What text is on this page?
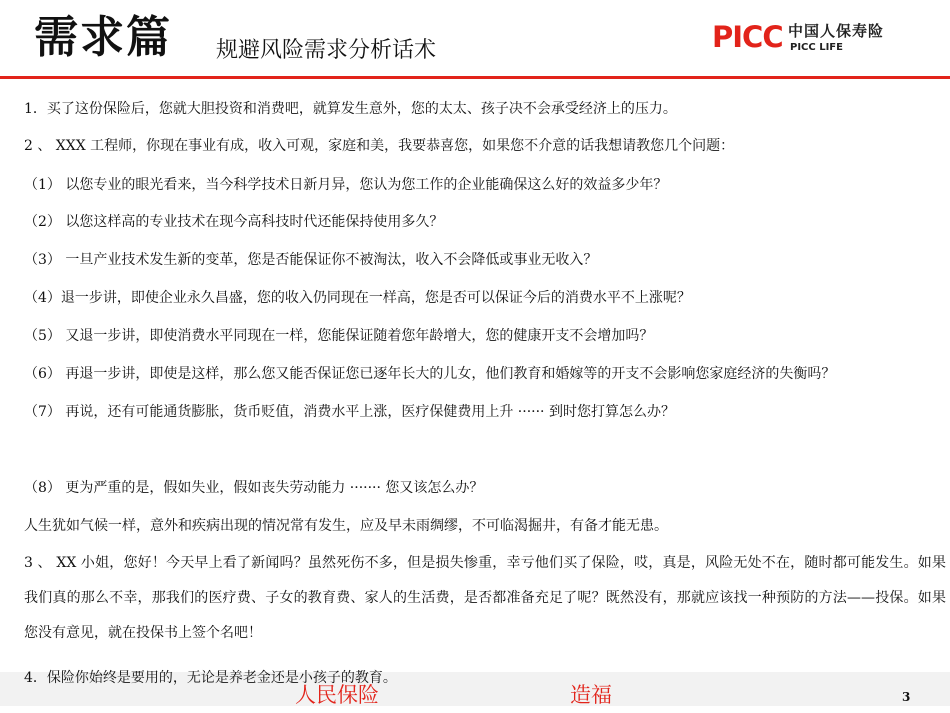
需求篇 规避风险需求分析话术	PICC 中国人保寿险
PICC LIFE
1．买了这份保险后，您就大胆投资和消费吧，就算发生意外，您的太太、孩子决不会承受经济上的压力。
2 、 XXX 工程师，你现在事业有成，收入可观，家庭和美，我要恭喜您，如果您不介意的话我想请教您几个问题：
（1） 以您专业的眼光看来，当今科学技术日新月异，您认为您工作的企业能确保这么好的效益多少年？
（2） 以您这样高的专业技术在现今高科技时代还能保持使用多久？
（3） 一旦产业技术发生新的变革，您是否能保证你不被淘汰，收入不会降低或事业无收入？
（4）退一步讲，即使企业永久昌盛，您的收入仍同现在一样高，您是否可以保证今后的消费水平不上涨呢？
（5） 又退一步讲，即使消费水平同现在一样，您能保证随着您年龄增大，您的健康开支不会增加吗？
（6） 再退一步讲，即使是这样，那么您又能否保证您已逐年长大的儿女，他们教育和婚嫁等的开支不会影响您家庭经济的失衡吗？
（7） 再说，还有可能通货膨胀，货币贬值，消费水平上涨，医疗保健费用上升 ······ 到时您打算怎么办？
（8） 更为严重的是，假如失业，假如丧失劳动能力 ······· 您又该怎么办？
人生犹如气候一样，意外和疾病出现的情况常有发生，应及早未雨绸缪，不可临渴掘井，有备才能无患。
3 、 XX 小姐，您好！今天早上看了新闻吗？虽然死伤不多，但是损失惨重，幸亏他们买了保险，哎，真是，风险无处不在，随时都可能发生。如果我们真的那么不幸，那我们的医疗费、子女的教育费、家人的生活费，是否都准备充足了呢？既然没有，那就应该找一种预防的方法——投保。如果您没有意见，就在投保书上签个名吧！
4．保险你始终是要用的，无论是养老金还是小孩子的教育。
人民保险	造福	3
